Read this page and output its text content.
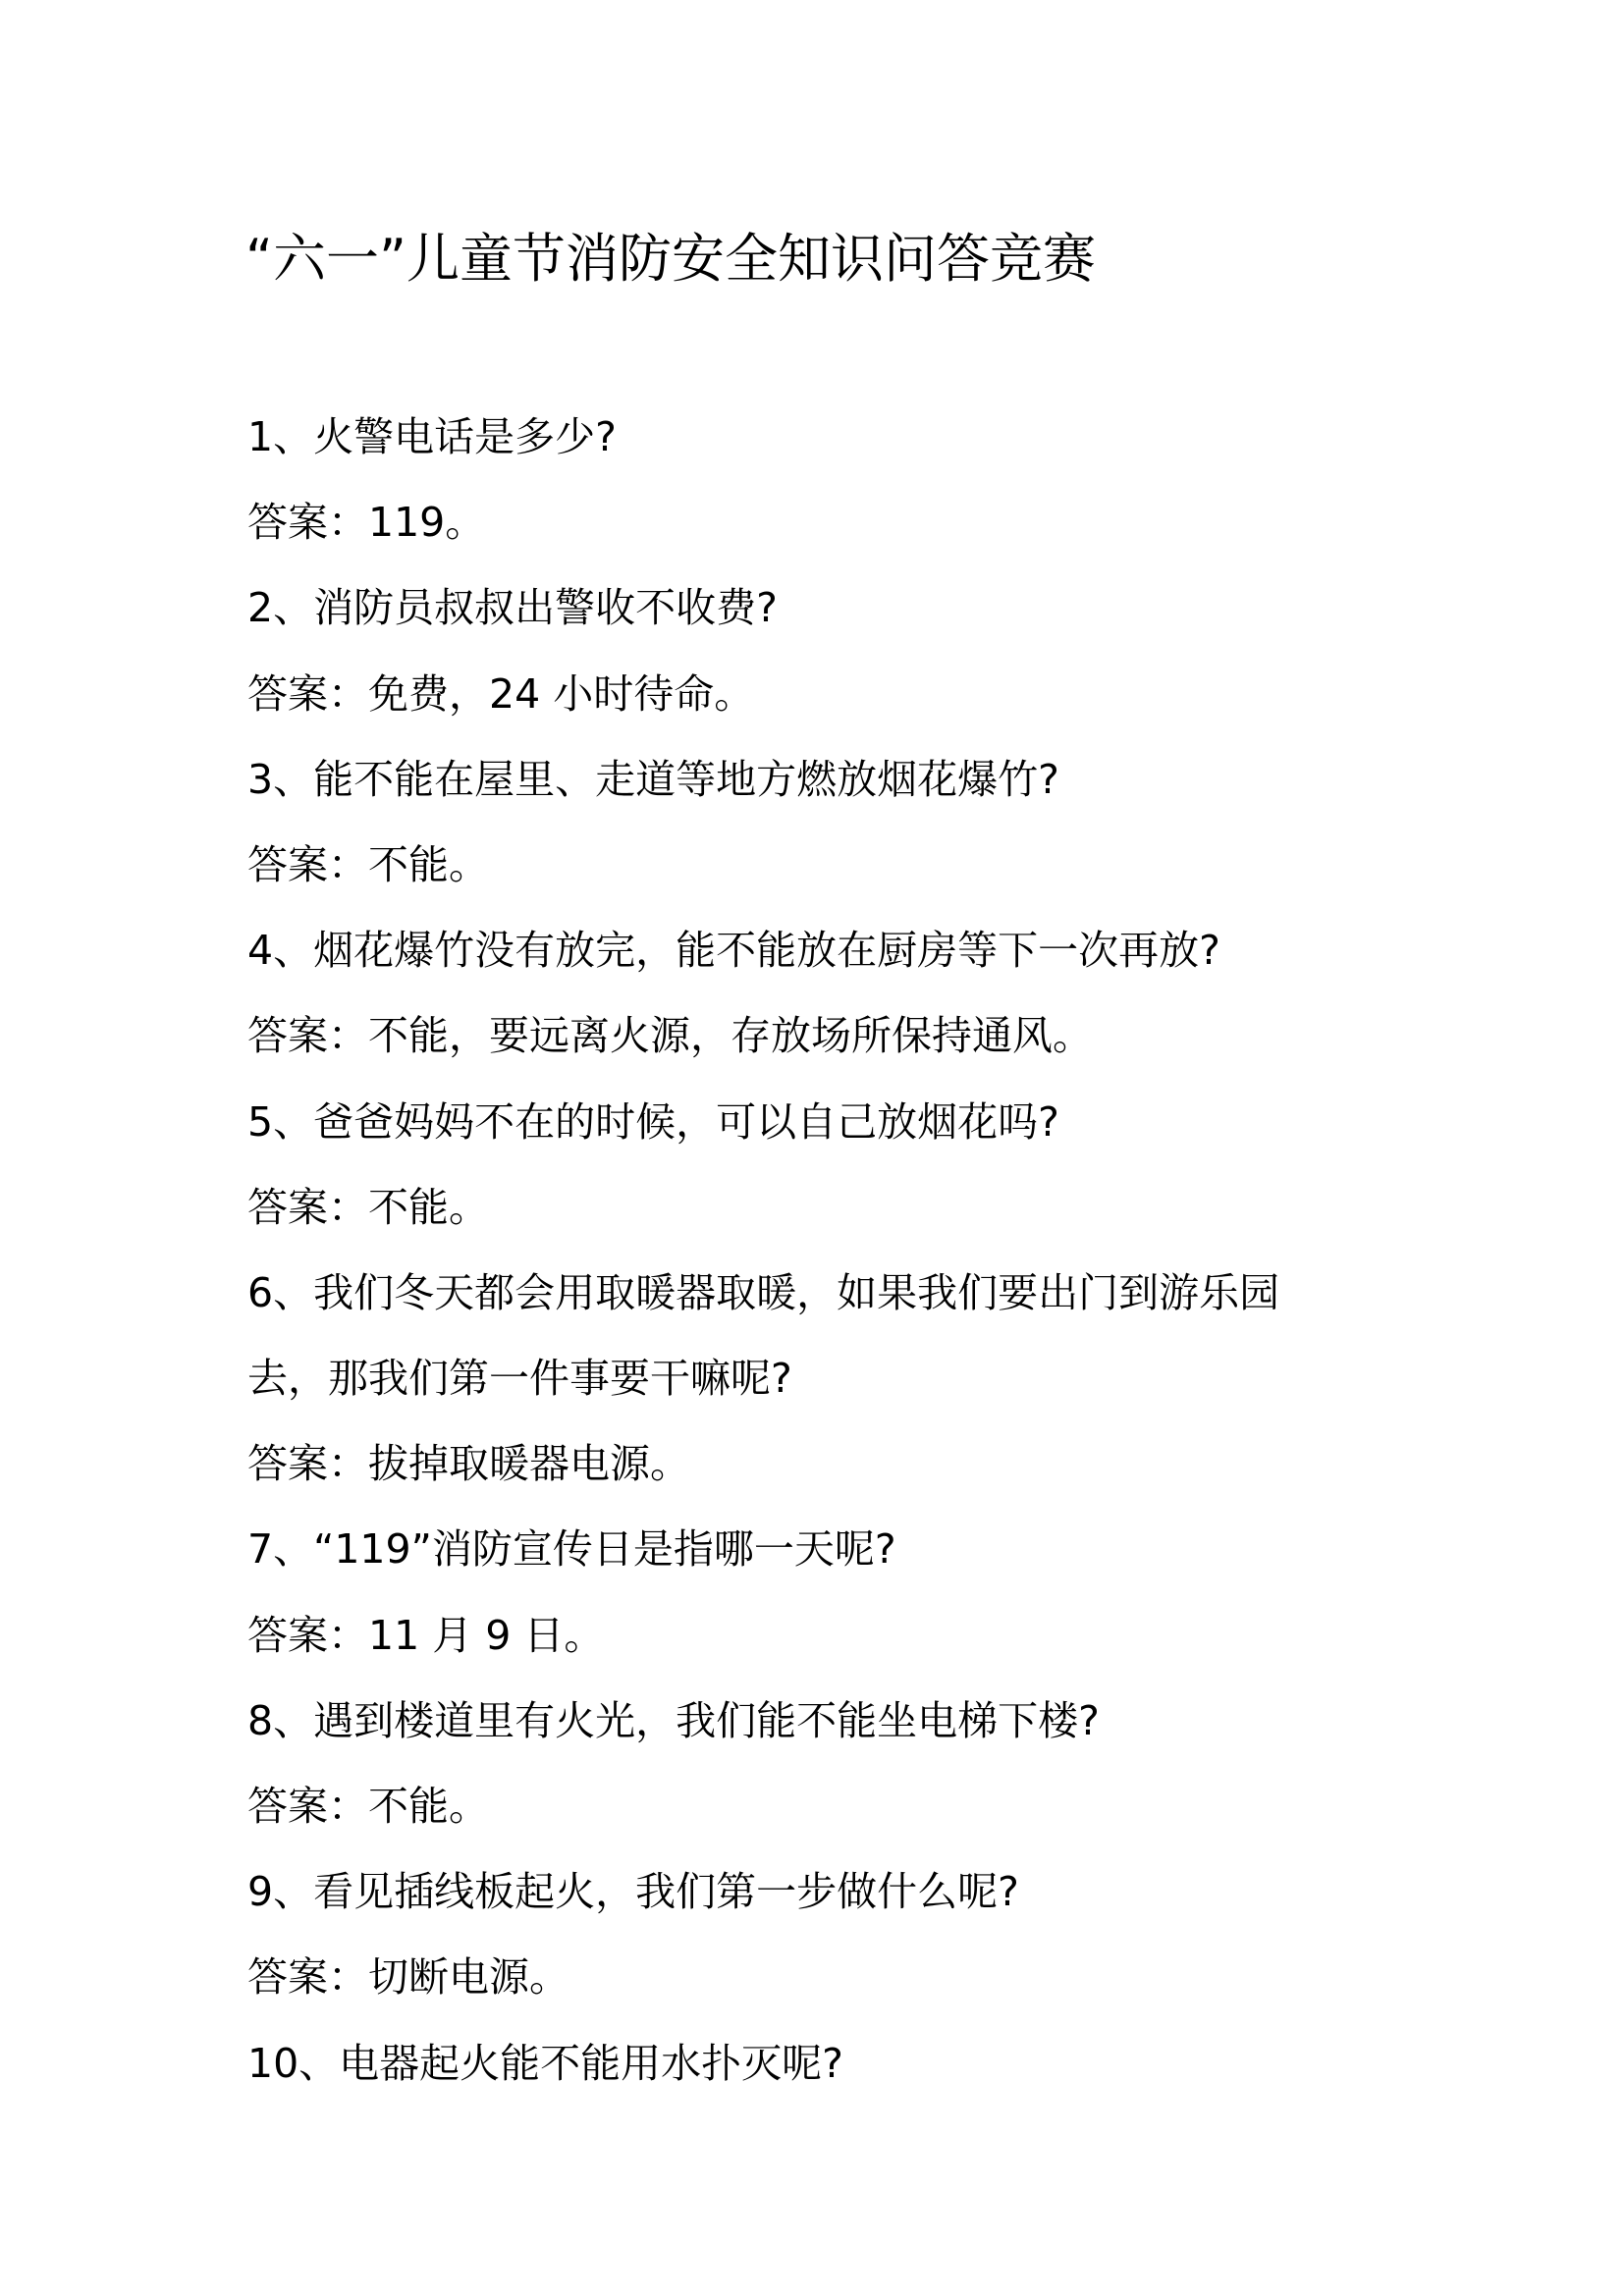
“六一”儿童节消防安全知识问答竞赛

1、火警电话是多少?

答案：119。

2、消防员叔叔出警收不收费?

答案：免费，24 小时待命。

3、能不能在屋里、走道等地方燃放烟花爆竹?

答案：不能。

4、烟花爆竹没有放完，能不能放在厨房等下一次再放?

答案：不能，要远离火源，存放场所保持通风。

5、爸爸妈妈不在的时候，可以自己放烟花吗?

答案：不能。

6、我们冬天都会用取暖器取暖，如果我们要出门到游乐园

去，那我们第一件事要干嘛呢?

答案：拔掉取暖器电源。

7、“119”消防宣传日是指哪一天呢?

答案：11 月 9 日。

8、遇到楼道里有火光，我们能不能坐电梯下楼?

答案：不能。

9、看见插线板起火，我们第一步做什么呢?

答案：切断电源。

10、电器起火能不能用水扑灭呢?
